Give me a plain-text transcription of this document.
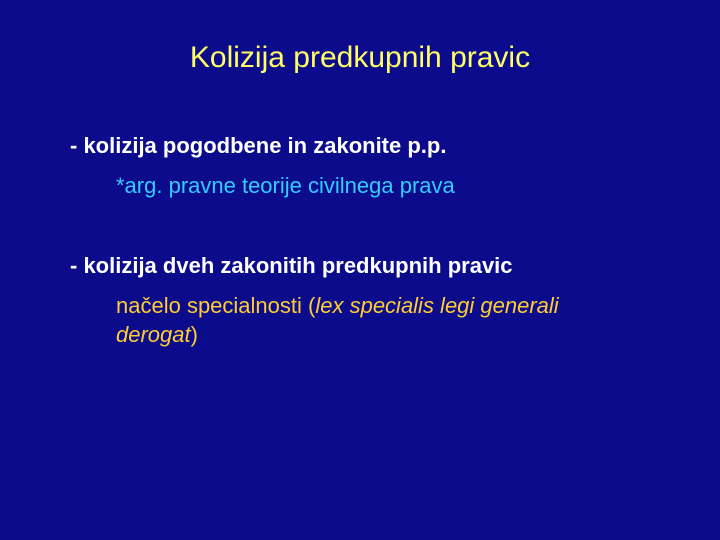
Kolizija predkupnih pravic
- kolizija pogodbene in zakonite p.p.
*arg. pravne teorije civilnega prava
- kolizija dveh zakonitih predkupnih pravic
načelo specialnosti (lex specialis legi generali derogat)
